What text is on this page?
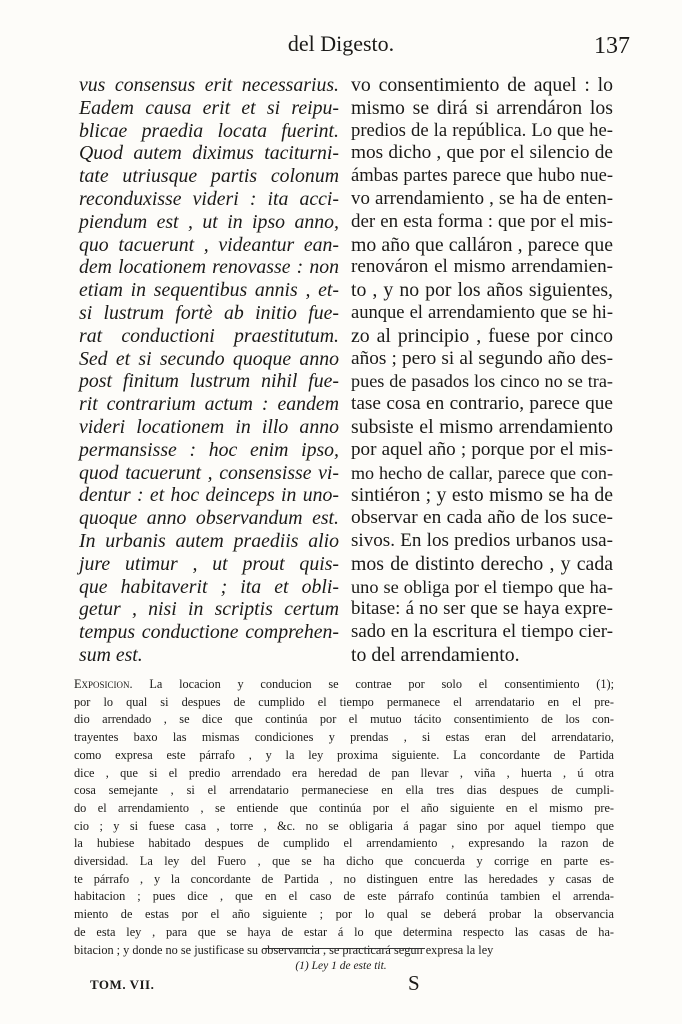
del Digesto.	137
vus consensus erit necessarius.
Eadem causa erit et si reipu-
blicae praedia locata fuerint.
Quod autem diximus taciturni-
tate utriusque partis colonum
reconduxisse videri : ita acci-
piendum est , ut in ipso anno,
quo tacuerunt , videantur ean-
dem locationem renovasse : non
etiam in sequentibus annis , et-
si lustrum fortè ab initio fue-
rat conductioni praestitutum.
Sed et si secundo quoque anno
post finitum lustrum nihil fue-
rit contrarium actum : eandem
videri locationem in illo anno
permansisse : hoc enim ipso,
quod tacuerunt , consensisse vi-
dentur : et hoc deinceps in uno-
quoque anno observandum est.
In urbanis autem praediis alio
jure utimur , ut prout quis-
que habitaverit ; ita et obli-
getur , nisi in scriptis certum
tempus conductione comprehen-
sum est.
vo consentimiento de aquel : lo
mismo se dirá si arrendáron los
predios de la república. Lo que he-
mos dicho , que por el silencio de
ámbas partes parece que hubo nue-
vo arrendamiento , se ha de enten-
der en esta forma : que por el mis-
mo año que calláron , parece que
renováron el mismo arrendamien-
to , y no por los años siguientes,
aunque el arrendamiento que se hi-
zo al principio , fuese por cinco
años ; pero si al segundo año des-
pues de pasados los cinco no se tra-
tase cosa en contrario, parece que
subsiste el mismo arrendamiento
por aquel año ; porque por el mis-
mo hecho de callar, parece que con-
sintiéron ; y esto mismo se ha de
observar en cada año de los suce-
sivos. En los predios urbanos usa-
mos de distinto derecho , y cada
uno se obliga por el tiempo que ha-
bitase: á no ser que se haya expre-
sado en la escritura el tiempo cier-
to del arrendamiento.
Exposicion. La locacion y conducion se contrae por solo el consentimiento (1);
por lo qual si despues de cumplido el tiempo permanece el arrendatario en el pre-
dio arrendado , se dice que continúa por el mutuo tácito consentimiento de los con-
trayentes baxo las mismas condiciones y prendas , si estas eran del arrendatario,
como expresa este párrafo , y la ley proxima siguiente. La concordante de Partida
dice , que si el predio arrendado era heredad de pan llevar , viña , huerta , ú otra
cosa semejante , si el arrendatario permaneciese en ella tres dias despues de cumpli-
do el arrendamiento , se entiende que continúa por el año siguiente en el mismo pre-
cio ; y si fuese casa , torre , &c. no se obligaria á pagar sino por aquel tiempo que
la hubiese habitado despues de cumplido el arrendamiento , expresando la razon de
diversidad. La ley del Fuero , que se ha dicho que concuerda y corrige en parte es-
te párrafo , y la concordante de Partida , no distinguen entre las heredades y casas de
habitacion ; pues dice , que en el caso de este párrafo continúa tambien el arrenda-
miento de estas por el año siguiente ; por lo qual se deberá probar la observancia
de esta ley , para que se haya de estar á lo que determina respecto las casas de ha-
bitacion ; y donde no se justificase su observancia , se practicará segun expresa la ley
(1) Ley 1 de este tit.
TOM. VII.	S
